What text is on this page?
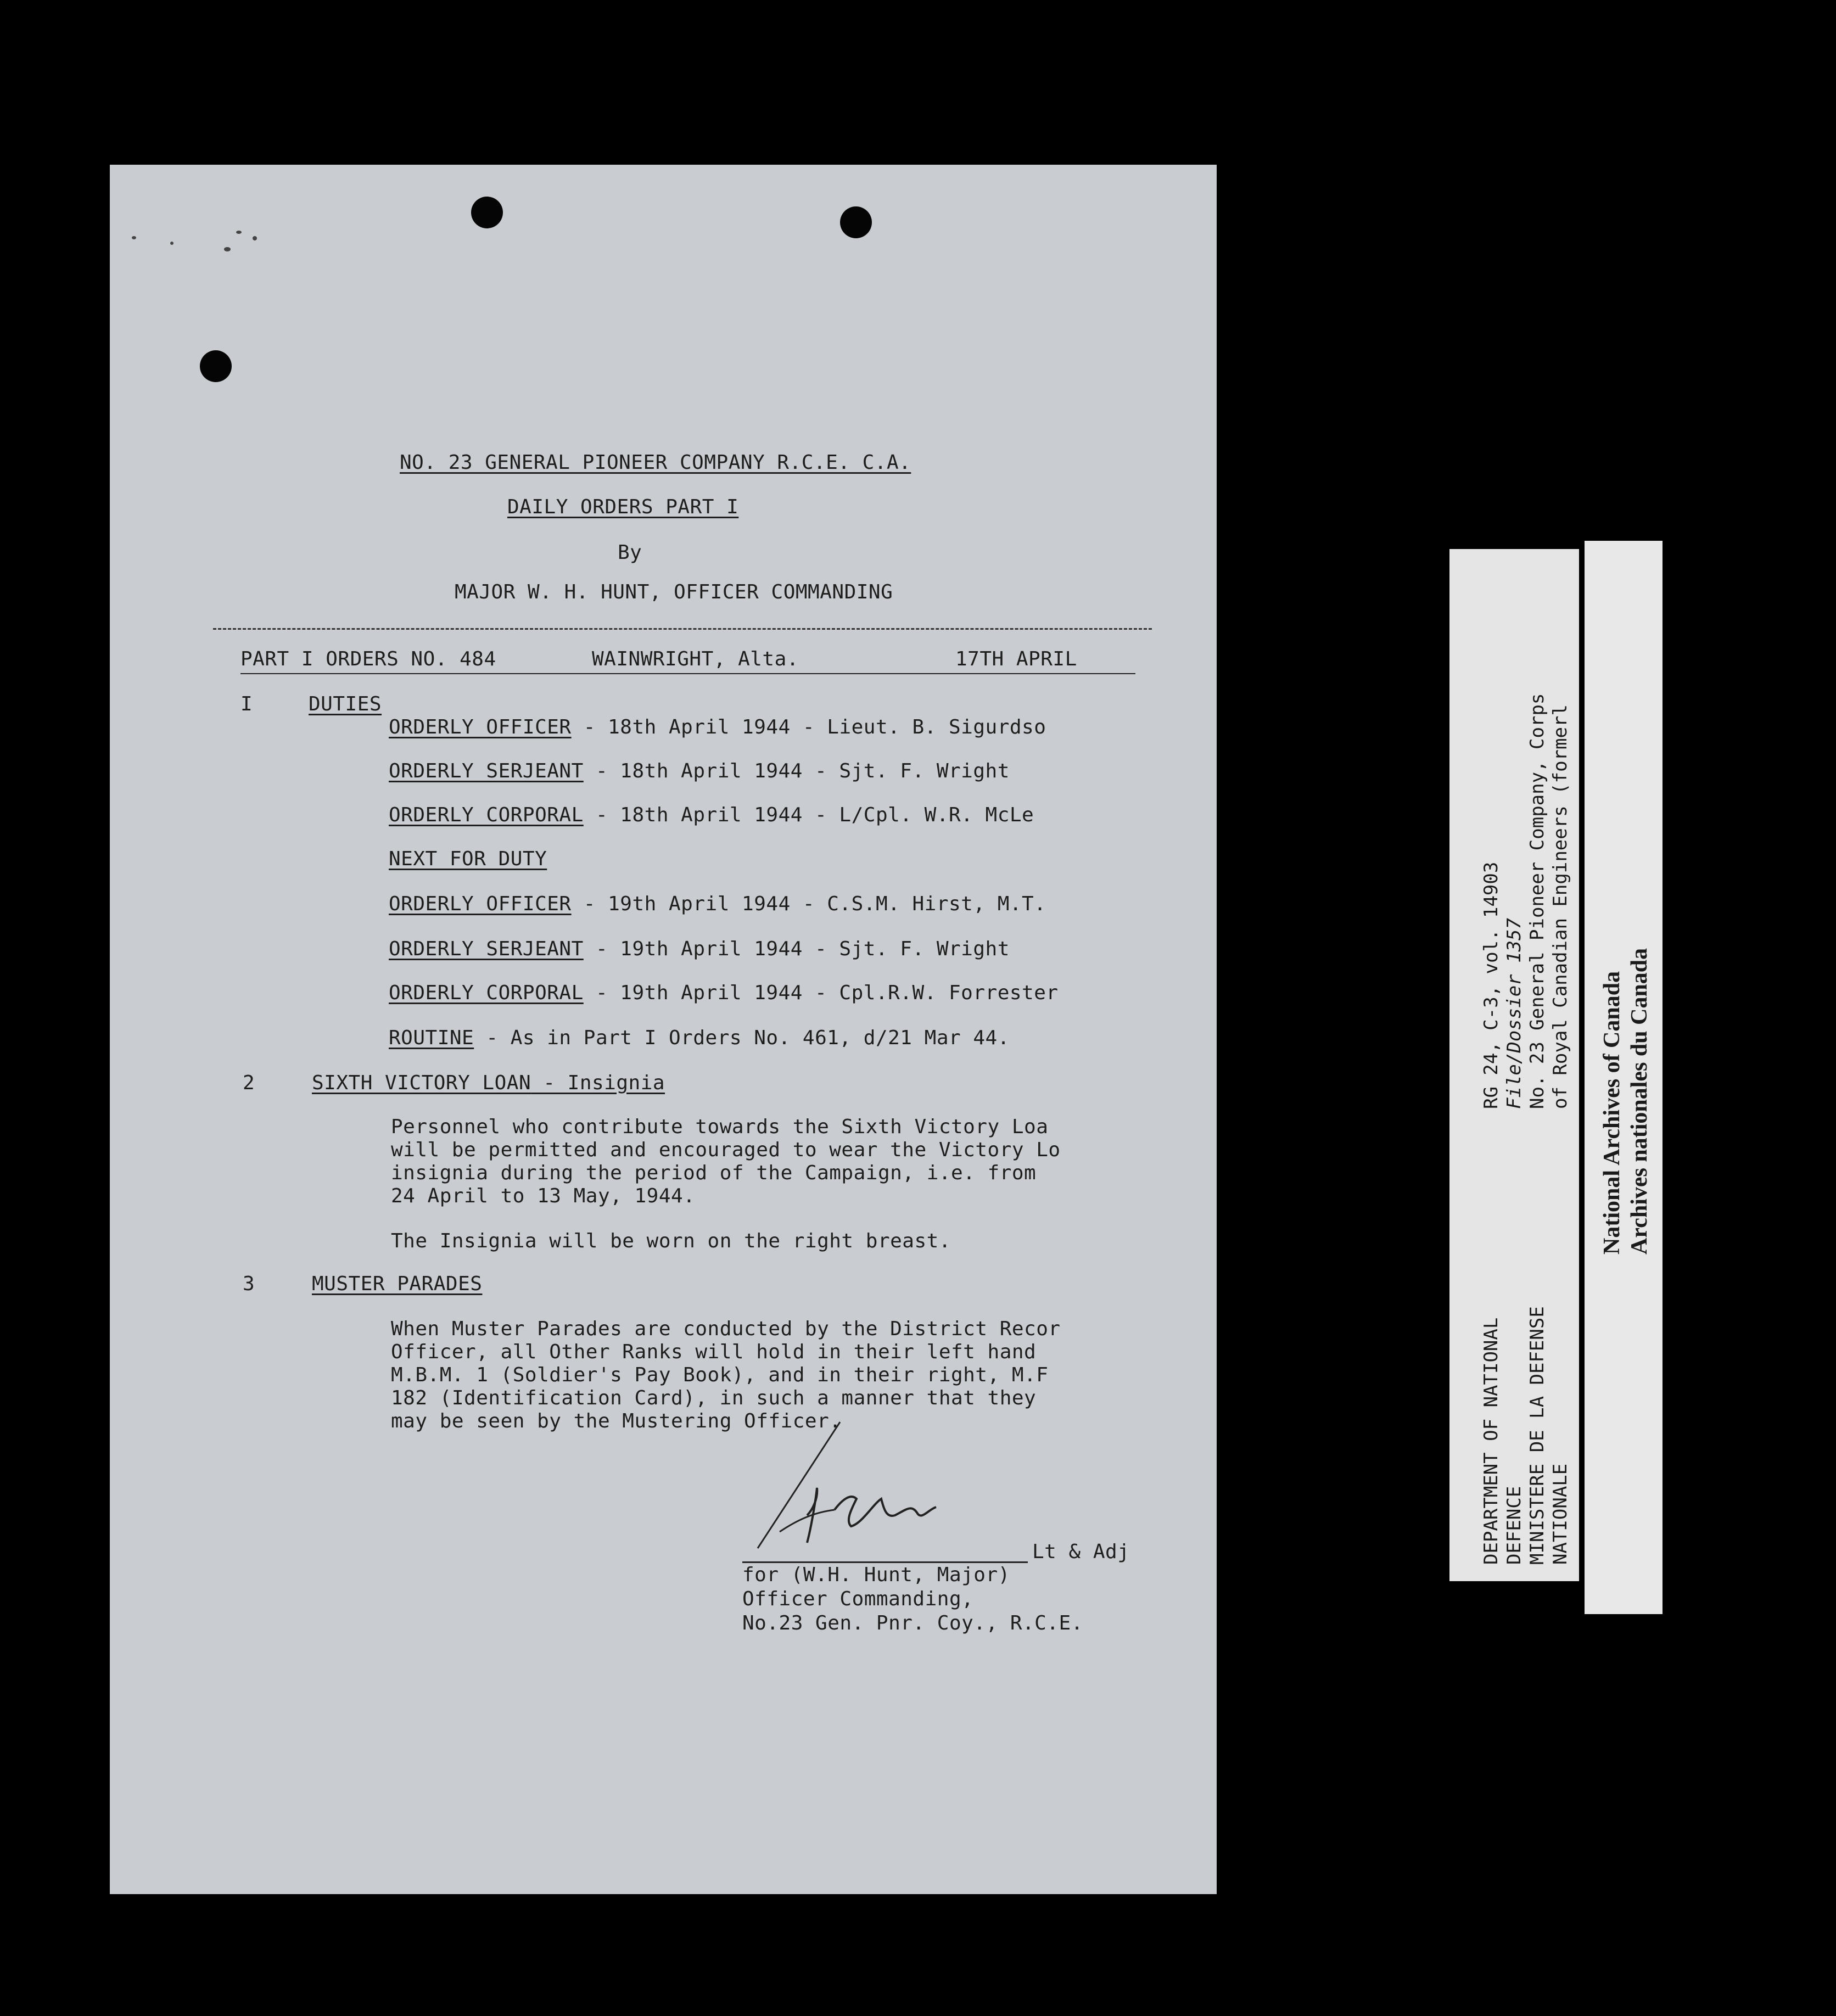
NO. 23 GENERAL PIONEER COMPANY R.C.E. C.A.
DAILY ORDERS PART I
By
MAJOR W. H. HUNT, OFFICER COMMANDING
PART I ORDERS NO. 484	WAINWRIGHT, Alta.	17TH APRIL
I	DUTIES
ORDERLY OFFICER - 18th April 1944 - Lieut. B. Sigurdso
ORDERLY SERJEANT - 18th April 1944 - Sjt. F. Wright
ORDERLY CORPORAL - 18th April 1944 - L/Cpl. W.R. McLe
NEXT FOR DUTY
ORDERLY OFFICER - 19th April 1944 - C.S.M. Hirst, M.T.
ORDERLY SERJEANT - 19th April 1944 - Sjt. F. Wright
ORDERLY CORPORAL - 19th April 1944 - Cpl.R.W. Forrester
ROUTINE - As in Part I Orders No. 461, d/21 Mar 44.
2	SIXTH VICTORY LOAN - Insignia
Personnel who contribute towards the Sixth Victory Loa
will be permitted and encouraged to wear the Victory Lo
insignia during the period of the Campaign, i.e. from
24 April to 13 May, 1944.
The Insignia will be worn on the right breast.
3	MUSTER PARADES
When Muster Parades are conducted by the District Recor
Officer, all Other Ranks will hold in their left hand
M.B.M. 1 (Soldier's Pay Book), and in their right, M.F
182 (Identification Card), in such a manner that they
may be seen by the Mustering Officer.
Lt & Adj
for (W.H. Hunt, Major)
Officer Commanding,
No.23 Gen. Pnr. Coy., R.C.E.
DEPARTMENT OF NATIONAL DEFENCE MINISTERE DE LA DEFENSE NATIONALE
RG 24, C-3, vol. 14903 File/Dossier 1357 No. 23 General Pioneer Company, Corps of Royal Canadian Engineers (formerl
National Archives of Canada Archives nationales du Canada
